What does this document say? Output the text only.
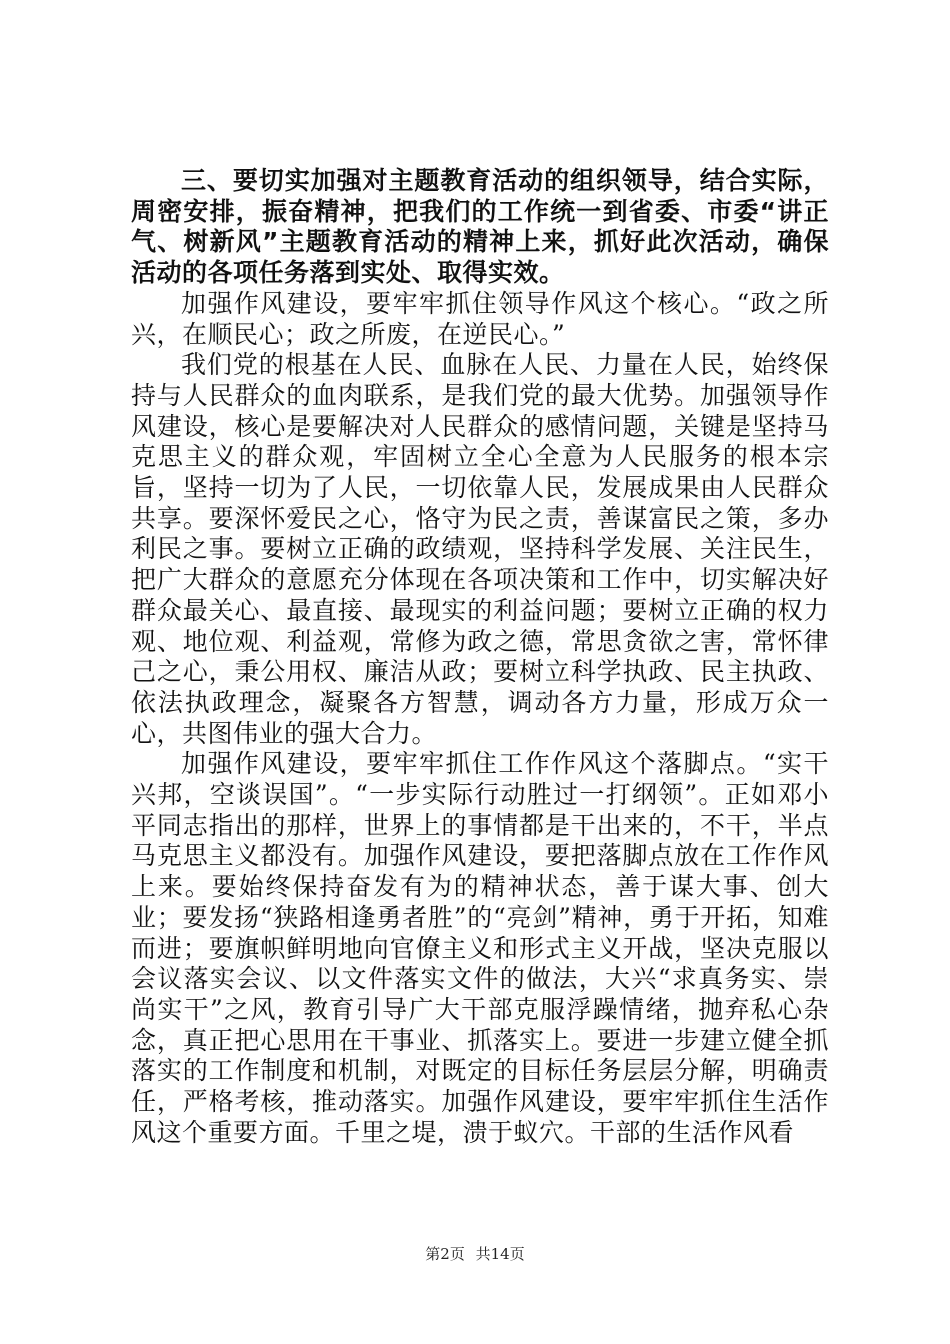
三、要切实加强对主题教育活动的组织领导，结合实际，周密安排，振奋精神，把我们的工作统一到省委、市委“讲正气、树新风”主题教育活动的精神上来，抓好此次活动，确保活动的各项任务落到实处、取得实效。

加强作风建设，要牢牢抓住领导作风这个核心。“政之所兴，在顺民心；政之所废，在逆民心。”

我们党的根基在人民、血脉在人民、力量在人民，始终保持与人民群众的血肉联系，是我们党的最大优势。加强领导作风建设，核心是要解决对人民群众的感情问题，关键是坚持马克思主义的群众观，牢固树立全心全意为人民服务的根本宗旨，坚持一切为了人民，一切依靠人民，发展成果由人民群众共享。要深怀爱民之心，恪守为民之责，善谋富民之策，多办利民之事。要树立正确的政绩观，坚持科学发展、关注民生，把广大群众的意愿充分体现在各项决策和工作中，切实解决好群众最关心、最直接、最现实的利益问题；要树立正确的权力观、地位观、利益观，常修为政之德，常思贪欲之害，常怀律己之心，秉公用权、廉洁从政；要树立科学执政、民主执政、依法执政理念，凝聚各方智慧，调动各方力量，形成万众一心，共图伟业的强大合力。

加强作风建设，要牢牢抓住工作作风这个落脚点。“实干兴邦，空谈误国”。“一步实际行动胜过一打纲领”。正如邓小平同志指出的那样，世界上的事情都是干出来的，不干，半点马克思主义都没有。加强作风建设，要把落脚点放在工作作风上来。要始终保持奋发有为的精神状态，善于谋大事、创大业；要发扬“狭路相逢勇者胜”的“亮剑”精神，勇于开拓，知难而进；要旗帜鲜明地向官僚主义和形式主义开战，坚决克服以会议落实会议、以文件落实文件的做法，大兴“求真务实、崇尚实干”之风，教育引导广大干部克服浮躁情绪，抛弃私心杂念，真正把心思用在干事业、抓落实上。要进一步建立健全抓落实的工作制度和机制，对既定的目标任务层层分解，明确责任，严格考核，推动落实。加强作风建设，要牢牢抓住生活作风这个重要方面。千里之堤，溃于蚁穴。干部的生活作风看

第2页 共14页
